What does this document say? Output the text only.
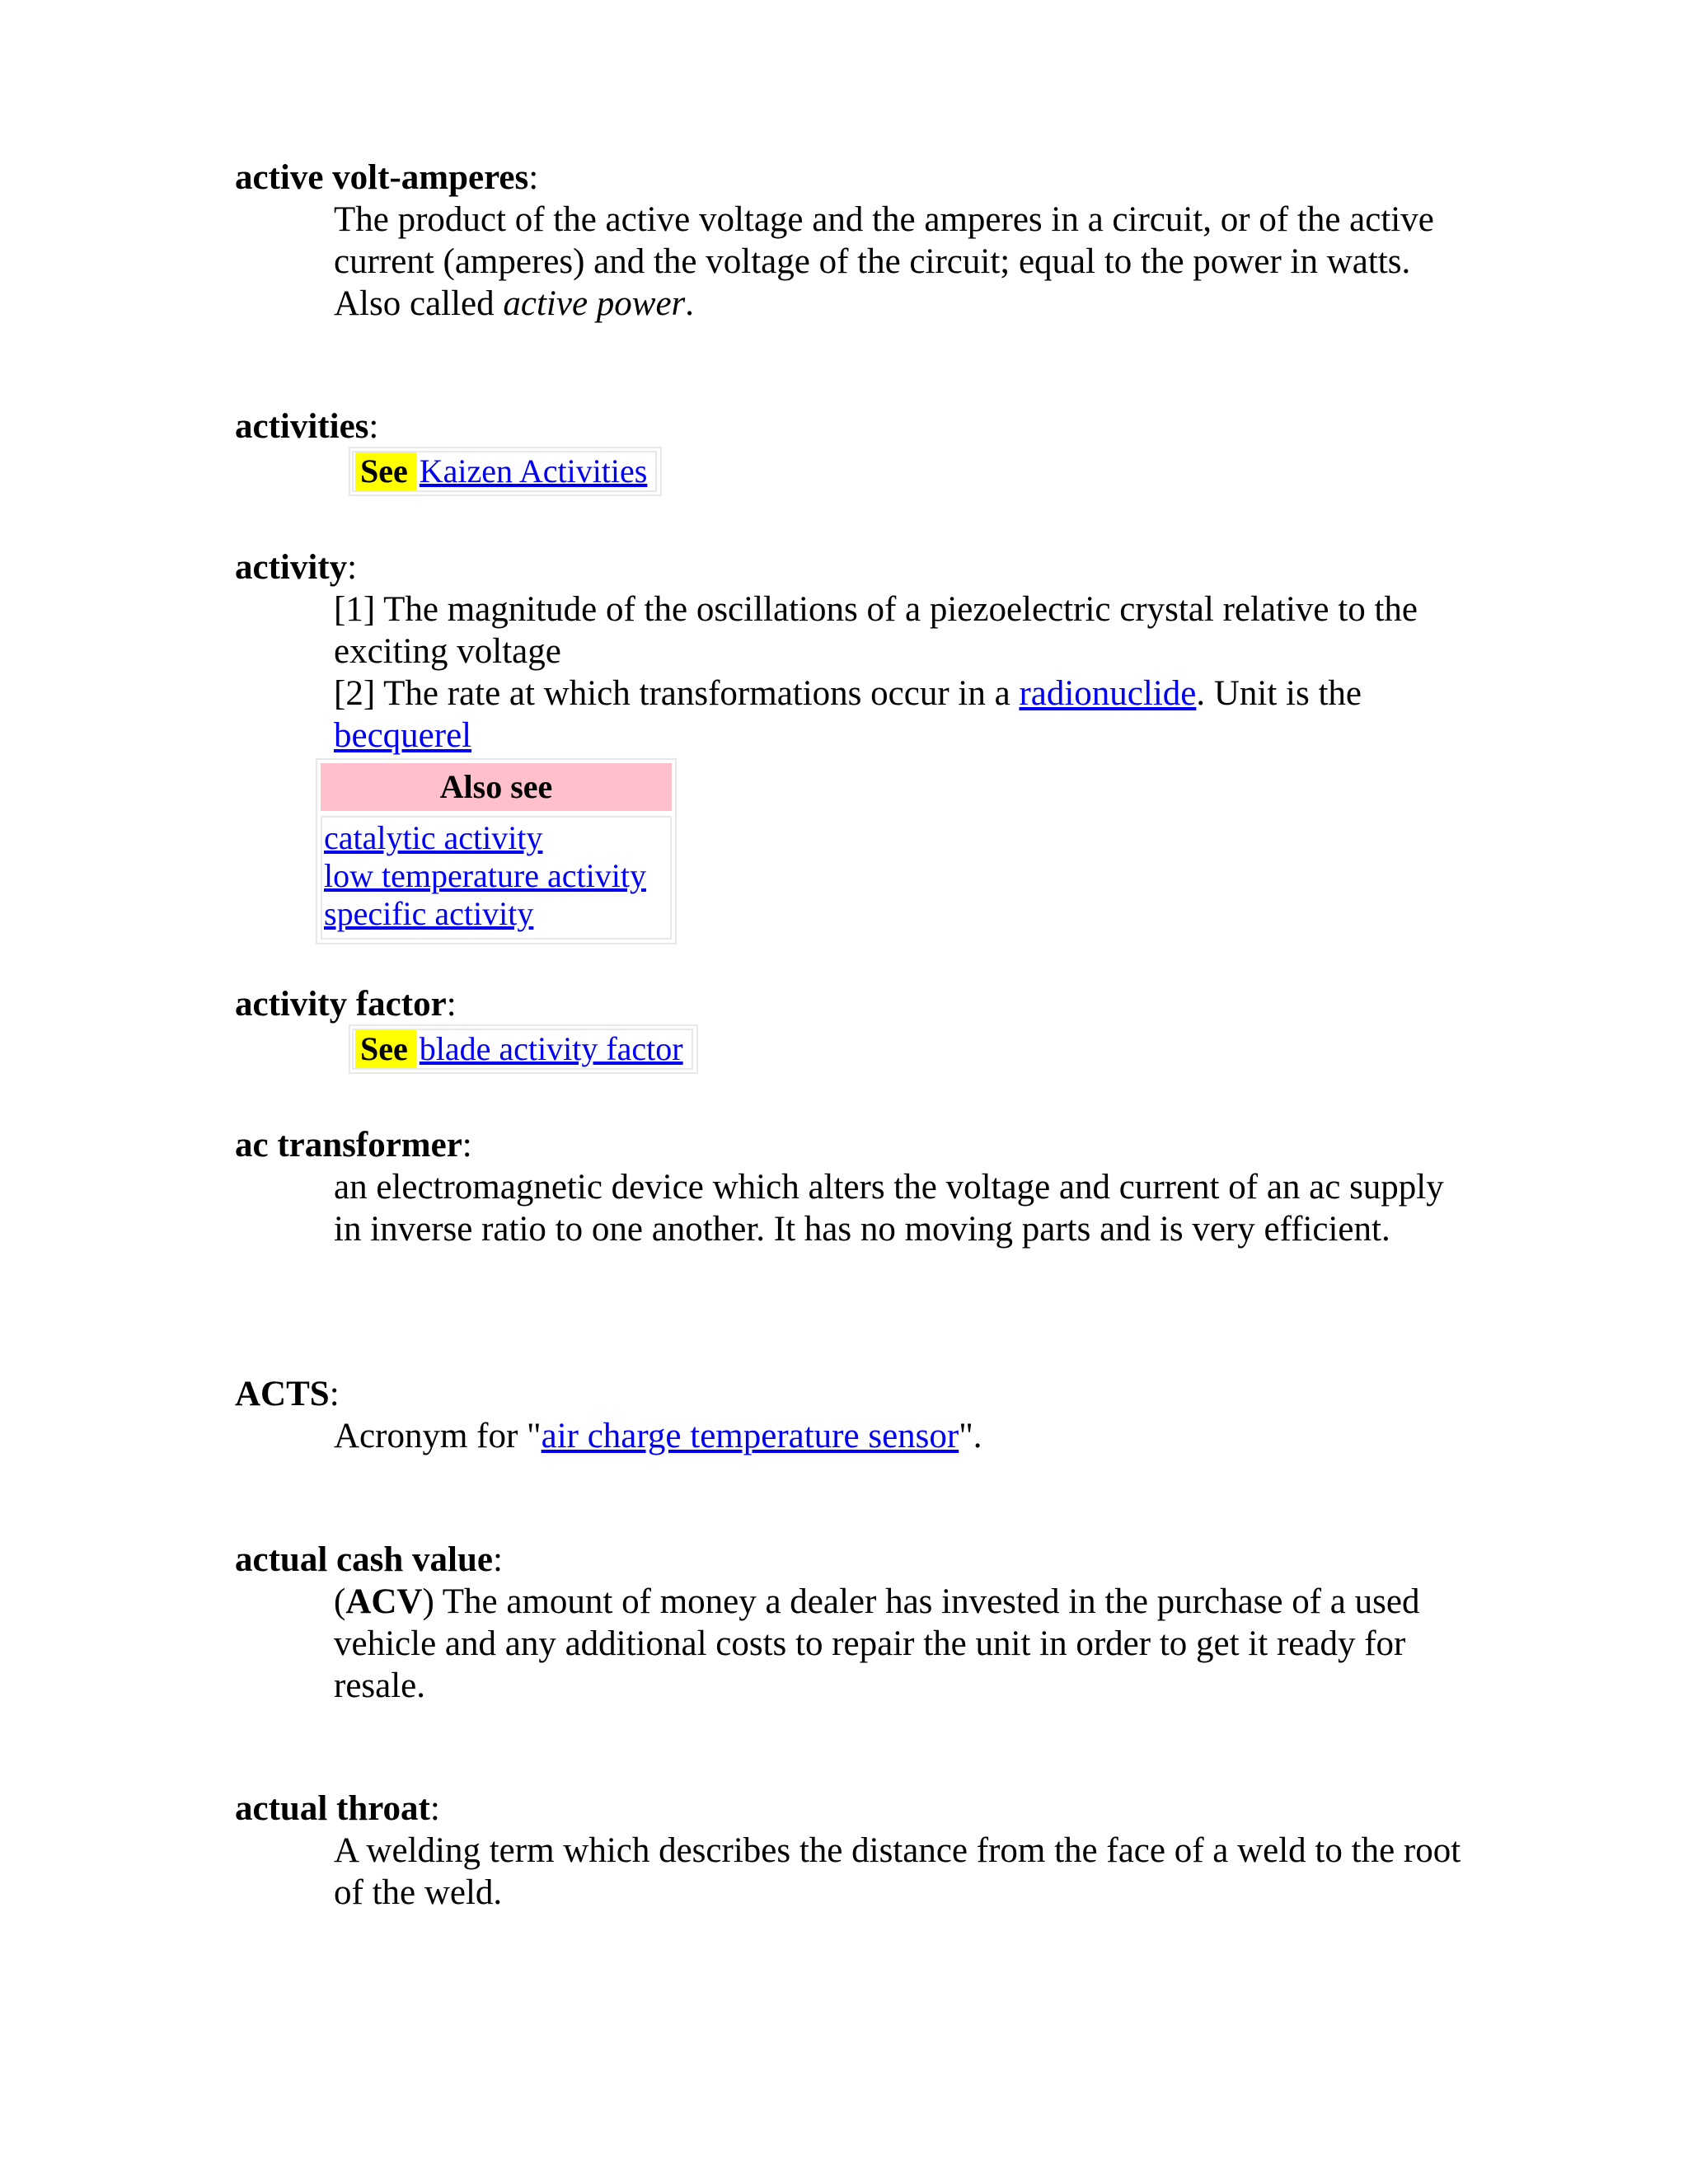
active volt-amperes:
The product of the active voltage and the amperes in a circuit, or of the active current (amperes) and the voltage of the circuit; equal to the power in watts. Also called active power.
activities:
See Kaizen Activities
activity:
[1] The magnitude of the oscillations of a piezoelectric crystal relative to the exciting voltage
[2] The rate at which transformations occur in a radionuclide. Unit is the becquerel
Also see
catalytic activity
low temperature activity
specific activity
activity factor:
See blade activity factor
ac transformer:
an electromagnetic device which alters the voltage and current of an ac supply in inverse ratio to one another. It has no moving parts and is very efficient.
ACTS:
Acronym for "air charge temperature sensor".
actual cash value:
(ACV) The amount of money a dealer has invested in the purchase of a used vehicle and any additional costs to repair the unit in order to get it ready for resale.
actual throat:
A welding term which describes the distance from the face of a weld to the root of the weld.
